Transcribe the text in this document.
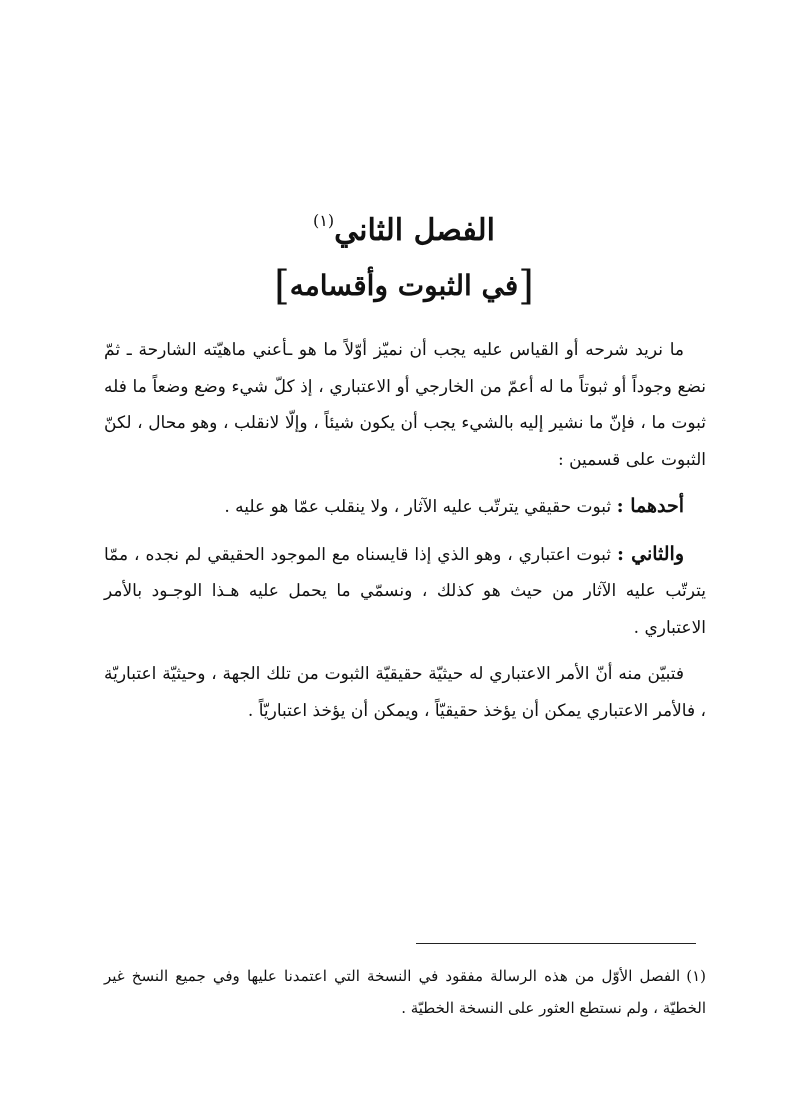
الفصل الثاني$^{(١)}$
[في الثبوت وأقسامه]

ما نريد شرحه أو القياس عليه يجب أن نميّز أوّلاً ما هو ـأعني ماهيّته الشارحة ـ ثمّ نضع وجوداً أو ثبوتاً ما له أعمّ من الخارجي أو الاعتباري ، إذ كلّ شيء وضع وضعاً ما فله ثبوت ما ، فإنّ ما نشير إليه بالشيء يجب أن يكون شيئاً ، وإلّا لانقلب ، وهو محال ، لكنّ الثبوت على قسمين :

أحدهما : ثبوت حقيقي يترتّب عليه الآثار ، ولا ينقلب عمّا هو عليه .

والثاني : ثبوت اعتباري ، وهو الذي إذا قايسناه مع الموجود الحقيقي لم نجده ، ممّا يترتّب عليه الآثار من حيث هو كذلك ، ونسمّي ما يحمل عليه هـذا الوجـود بالأمر الاعتباري .

فتبيّن منه أنّ الأمر الاعتباري له حيثيّة حقيقيّة الثبوت من تلك الجهة ، وحيثيّة اعتباريّة ، فالأمر الاعتباري يمكن أن يؤخذ حقيقيّاً ، ويمكن أن يؤخذ اعتباريّاً .

(١)الفصل الأوّل من هذه الرسالة مفقود في النسخة التي اعتمدنا عليها وفي جميع النسخ غير الخطيّة ، ولم نستطع العثور على النسخة الخطيّة .
